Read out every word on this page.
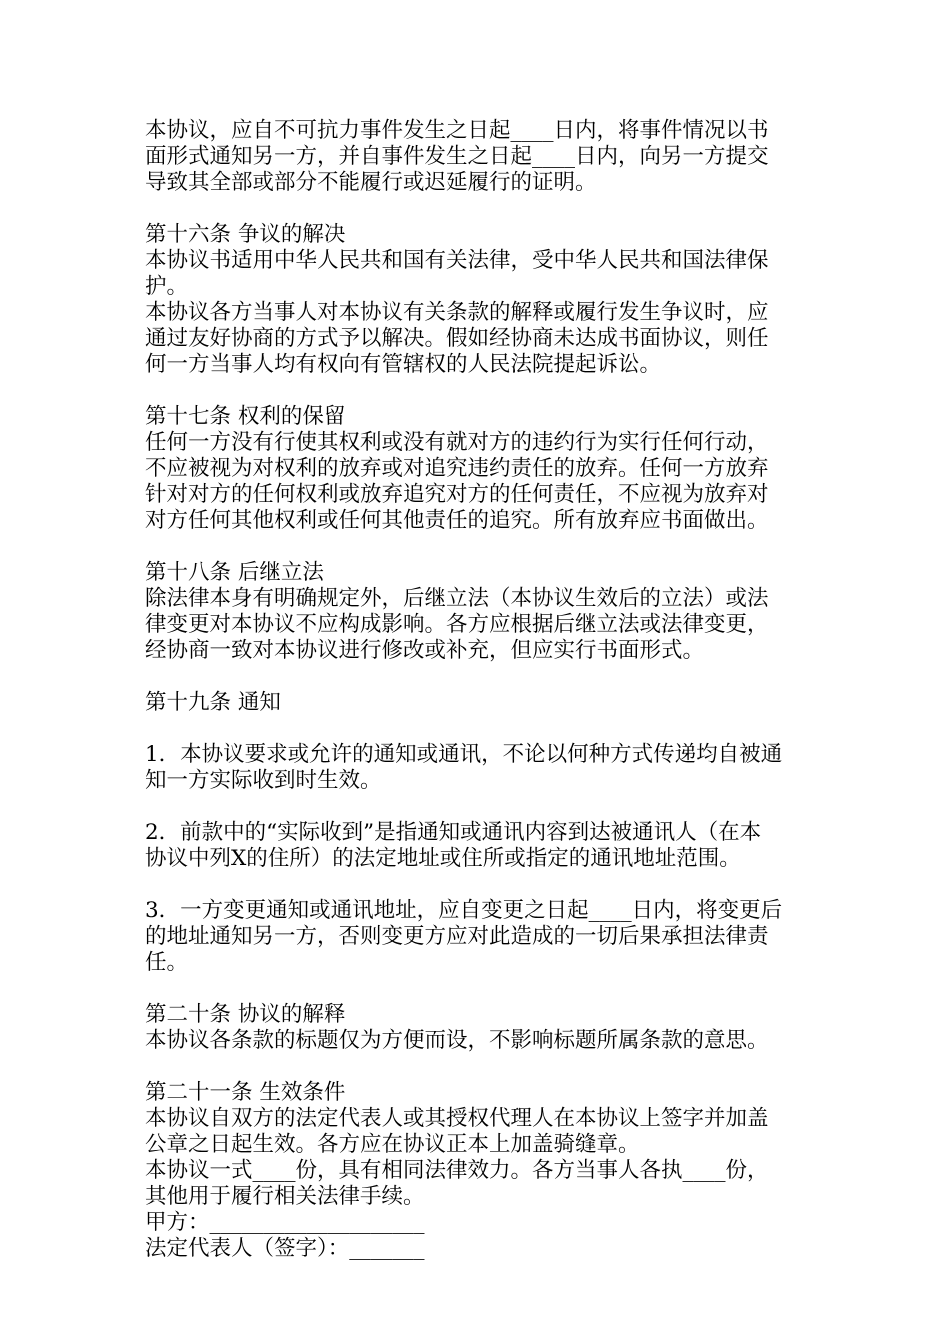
本协议，应自不可抗力事件发生之日起____日内，将事件情况以书
面形式通知另一方，并自事件发生之日起____日内，向另一方提交
导致其全部或部分不能履行或迟延履行的证明。
第十六条 争议的解决
本协议书适用中华人民共和国有关法律，受中华人民共和国法律保
护。
本协议各方当事人对本协议有关条款的解释或履行发生争议时，应
通过友好协商的方式予以解决。假如经协商未达成书面协议，则任
何一方当事人均有权向有管辖权的人民法院提起诉讼。
第十七条 权利的保留
任何一方没有行使其权利或没有就对方的违约行为实行任何行动，
不应被视为对权利的放弃或对追究违约责任的放弃。任何一方放弃
针对对方的任何权利或放弃追究对方的任何责任，不应视为放弃对
对方任何其他权利或任何其他责任的追究。所有放弃应书面做出。
第十八条 后继立法
除法律本身有明确规定外，后继立法（本协议生效后的立法）或法
律变更对本协议不应构成影响。各方应根据后继立法或法律变更，
经协商一致对本协议进行修改或补充，但应实行书面形式。
第十九条 通知
1．本协议要求或允许的通知或通讯，不论以何种方式传递均自被通
知一方实际收到时生效。
2．前款中的“实际收到”是指通知或通讯内容到达被通讯人（在本
协议中列X的住所）的法定地址或住所或指定的通讯地址范围。
3．一方变更通知或通讯地址，应自变更之日起____日内，将变更后
的地址通知另一方，否则变更方应对此造成的一切后果承担法律责
任。
第二十条 协议的解释
本协议各条款的标题仅为方便而设，不影响标题所属条款的意思。
第二十一条 生效条件
本协议自双方的法定代表人或其授权代理人在本协议上签字并加盖
公章之日起生效。各方应在协议正本上加盖骑缝章。
本协议一式____份，具有相同法律效力。各方当事人各执____份，
其他用于履行相关法律手续。
甲方：____________________
法定代表人（签字）：_______
